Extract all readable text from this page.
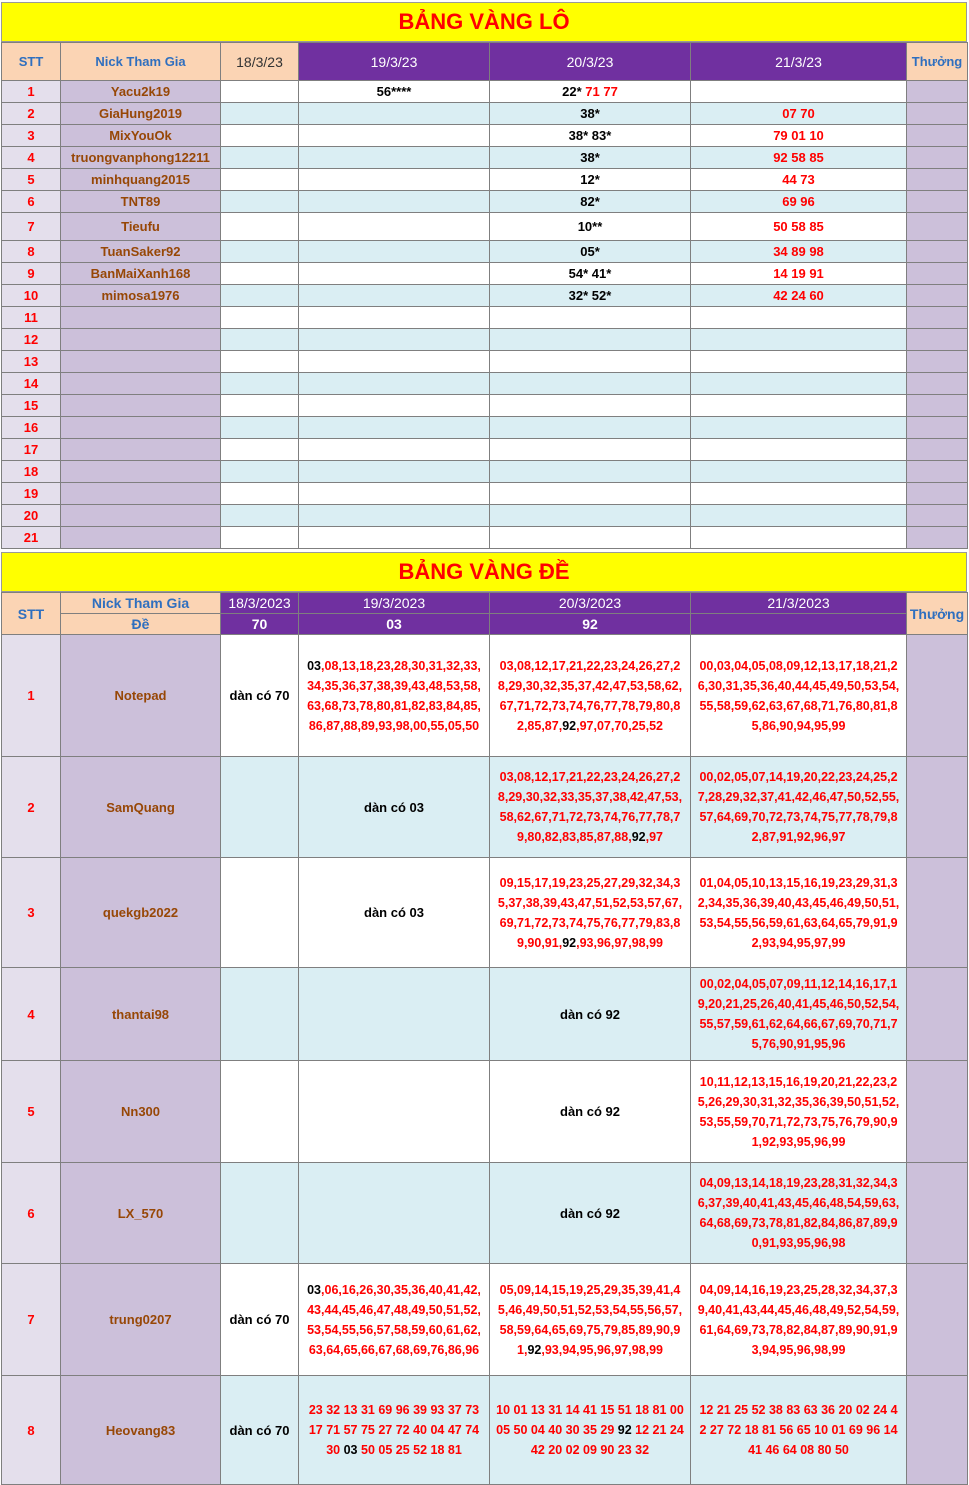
BẢNG VÀNG LÔ
STT	Nick Tham Gia	18/3/23	19/3/23	20/3/23	21/3/23	Thưởng
1	Yacu2k19		56****	22* 71 77		
2	GiaHung2019			38*	07 70	
3	MixYouOk			38* 83*	79 01 10	
4	truongvanphong12211			38*	92 58 85	
5	minhquang2015			12*	44 73	
6	TNT89			82*	69 96	
7	Tieufu			10**	50 58 85	
8	TuanSaker92			05*	34 89 98	
9	BanMaiXanh168			54* 41*	14 19 91	
10	mimosa1976			32* 52*	42 24 60	
11						
12						
13						
14						
15						
16						
17						
18						
19						
20						
21						
BẢNG VÀNG ĐỀ
STT	Nick Tham Gia	18/3/2023	19/3/2023	20/3/2023	21/3/2023	Thưởng
	Đề	70	03	92		
1	Notepad	dàn có 70	03,08,13,18,23,28,30,31,32,33,34,35,36,37,38,39,43,48,53,58,63,68,73,78,80,81,82,83,84,85,86,87,88,89,93,98,00,55,05,50	03,08,12,17,21,22,23,24,26,27,28,29,30,32,35,37,42,47,53,58,62,67,71,72,73,74,76,77,78,79,80,82,85,87,92,97,07,70,25,52	00,03,04,05,08,09,12,13,17,18,21,26,30,31,35,36,40,44,45,49,50,53,54,55,58,59,62,63,67,68,71,76,80,81,85,86,90,94,95,99	

2	SamQuang		dàn có 03	03,08,12,17,21,22,23,24,26,27,28,29,30,32,33,35,37,38,42,47,53,58,62,67,71,72,73,74,76,77,78,79,80,82,83,85,87,88,92,97	00,02,05,07,14,19,20,22,23,24,25,27,28,29,32,37,41,42,46,47,50,52,55,57,64,69,70,72,73,74,75,77,78,79,82,87,91,92,96,97	

3	quekgb2022		dàn có 03	09,15,17,19,23,25,27,29,32,34,35,37,38,39,43,47,51,52,53,57,67,69,71,72,73,74,75,76,77,79,83,89,90,91,92,93,96,97,98,99	01,04,05,10,13,15,16,19,23,29,31,32,34,35,36,39,40,43,45,46,49,50,51,53,54,55,56,59,61,63,64,65,79,91,92,93,94,95,97,99	

4	thantai98			dàn có 92	00,02,04,05,07,09,11,12,14,16,17,19,20,21,25,26,40,41,45,46,50,52,54,55,57,59,61,62,64,66,67,69,70,71,75,76,90,91,95,96	

5	Nn300			dàn có 92	10,11,12,13,15,16,19,20,21,22,23,25,26,29,30,31,32,35,36,39,50,51,52,53,55,59,70,71,72,73,75,76,79,90,91,92,93,95,96,99	

6	LX_570			dàn có 92	04,09,13,14,18,19,23,28,31,32,34,36,37,39,40,41,43,45,46,48,54,59,63,64,68,69,73,78,81,82,84,86,87,89,90,91,93,95,96,98	

7	trung0207	dàn có 70	03,06,16,26,30,35,36,40,41,42,43,44,45,46,47,48,49,50,51,52,53,54,55,56,57,58,59,60,61,62,63,64,65,66,67,68,69,76,86,96	05,09,14,15,19,25,29,35,39,41,45,46,49,50,51,52,53,54,55,56,57,58,59,64,65,69,75,79,85,89,90,91,92,93,94,95,96,97,98,99	04,09,14,16,19,23,25,28,32,34,37,39,40,41,43,44,45,46,48,49,52,54,59,61,64,69,73,78,82,84,87,89,90,91,93,94,95,96,98,99	

8	Heovang83	dàn có 70	23 32 13 31 69 96 39 93 37 73 17 71 57 75 27 72 40 04 47 74 30 03 50 05 25 52 18 81	10 01 13 31 14 41 15 51 18 81 00 05 50 04 40 30 35 29 92 12 21 24 42 20 02 09 90 23 32	12 21 25 52 38 83 63 36 20 02 24 42 27 72 18 81 56 65 10 01 69 96 14 41 46 64 08 80 50	
